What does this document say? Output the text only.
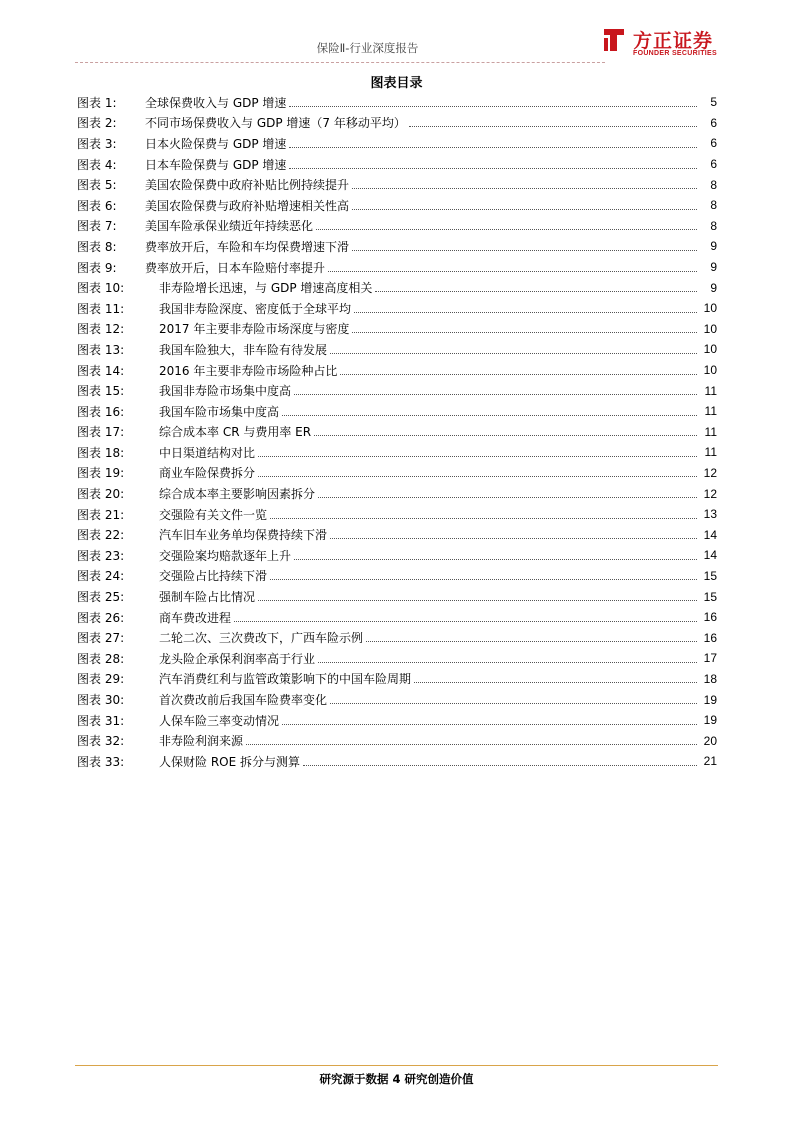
保险Ⅱ-行业深度报告	方正证券
FOUNDER SECURITIES
图表目录
图表 1:	全球保费收入与 GDP 增速	5
图表 2:	不同市场保费收入与 GDP 增速（7 年移动平均）	6
图表 3:	日本火险保费与 GDP 增速	6
图表 4:	日本车险保费与 GDP 增速	6
图表 5:	美国农险保费中政府补贴比例持续提升	8
图表 6:	美国农险保费与政府补贴增速相关性高	8
图表 7:	美国车险承保业绩近年持续恶化	8
图表 8:	费率放开后，车险和车均保费增速下滑	9
图表 9:	费率放开后，日本车险赔付率提升	9
图表 10:	非寿险增长迅速，与 GDP 增速高度相关	9
图表 11:	我国非寿险深度、密度低于全球平均	10
图表 12:	2017 年主要非寿险市场深度与密度	10
图表 13:	我国车险独大，非车险有待发展	10
图表 14:	2016 年主要非寿险市场险种占比	10
图表 15:	我国非寿险市场集中度高	11
图表 16:	我国车险市场集中度高	11
图表 17:	综合成本率 CR 与费用率 ER	11
图表 18:	中日渠道结构对比	11
图表 19:	商业车险保费拆分	12
图表 20:	综合成本率主要影响因素拆分	12
图表 21:	交强险有关文件一览	13
图表 22:	汽车旧车业务单均保费持续下滑	14
图表 23:	交强险案均赔款逐年上升	14
图表 24:	交强险占比持续下滑	15
图表 25:	强制车险占比情况	15
图表 26:	商车费改进程	16
图表 27:	二轮二次、三次费改下，广西车险示例	16
图表 28:	龙头险企承保利润率高于行业	17
图表 29:	汽车消费红利与监管政策影响下的中国车险周期	18
图表 30:	首次费改前后我国车险费率变化	19
图表 31:	人保车险三率变动情况	19
图表 32:	非寿险利润来源	20
图表 33:	人保财险 ROE 拆分与测算	21
研究源于数据 4 研究创造价值
